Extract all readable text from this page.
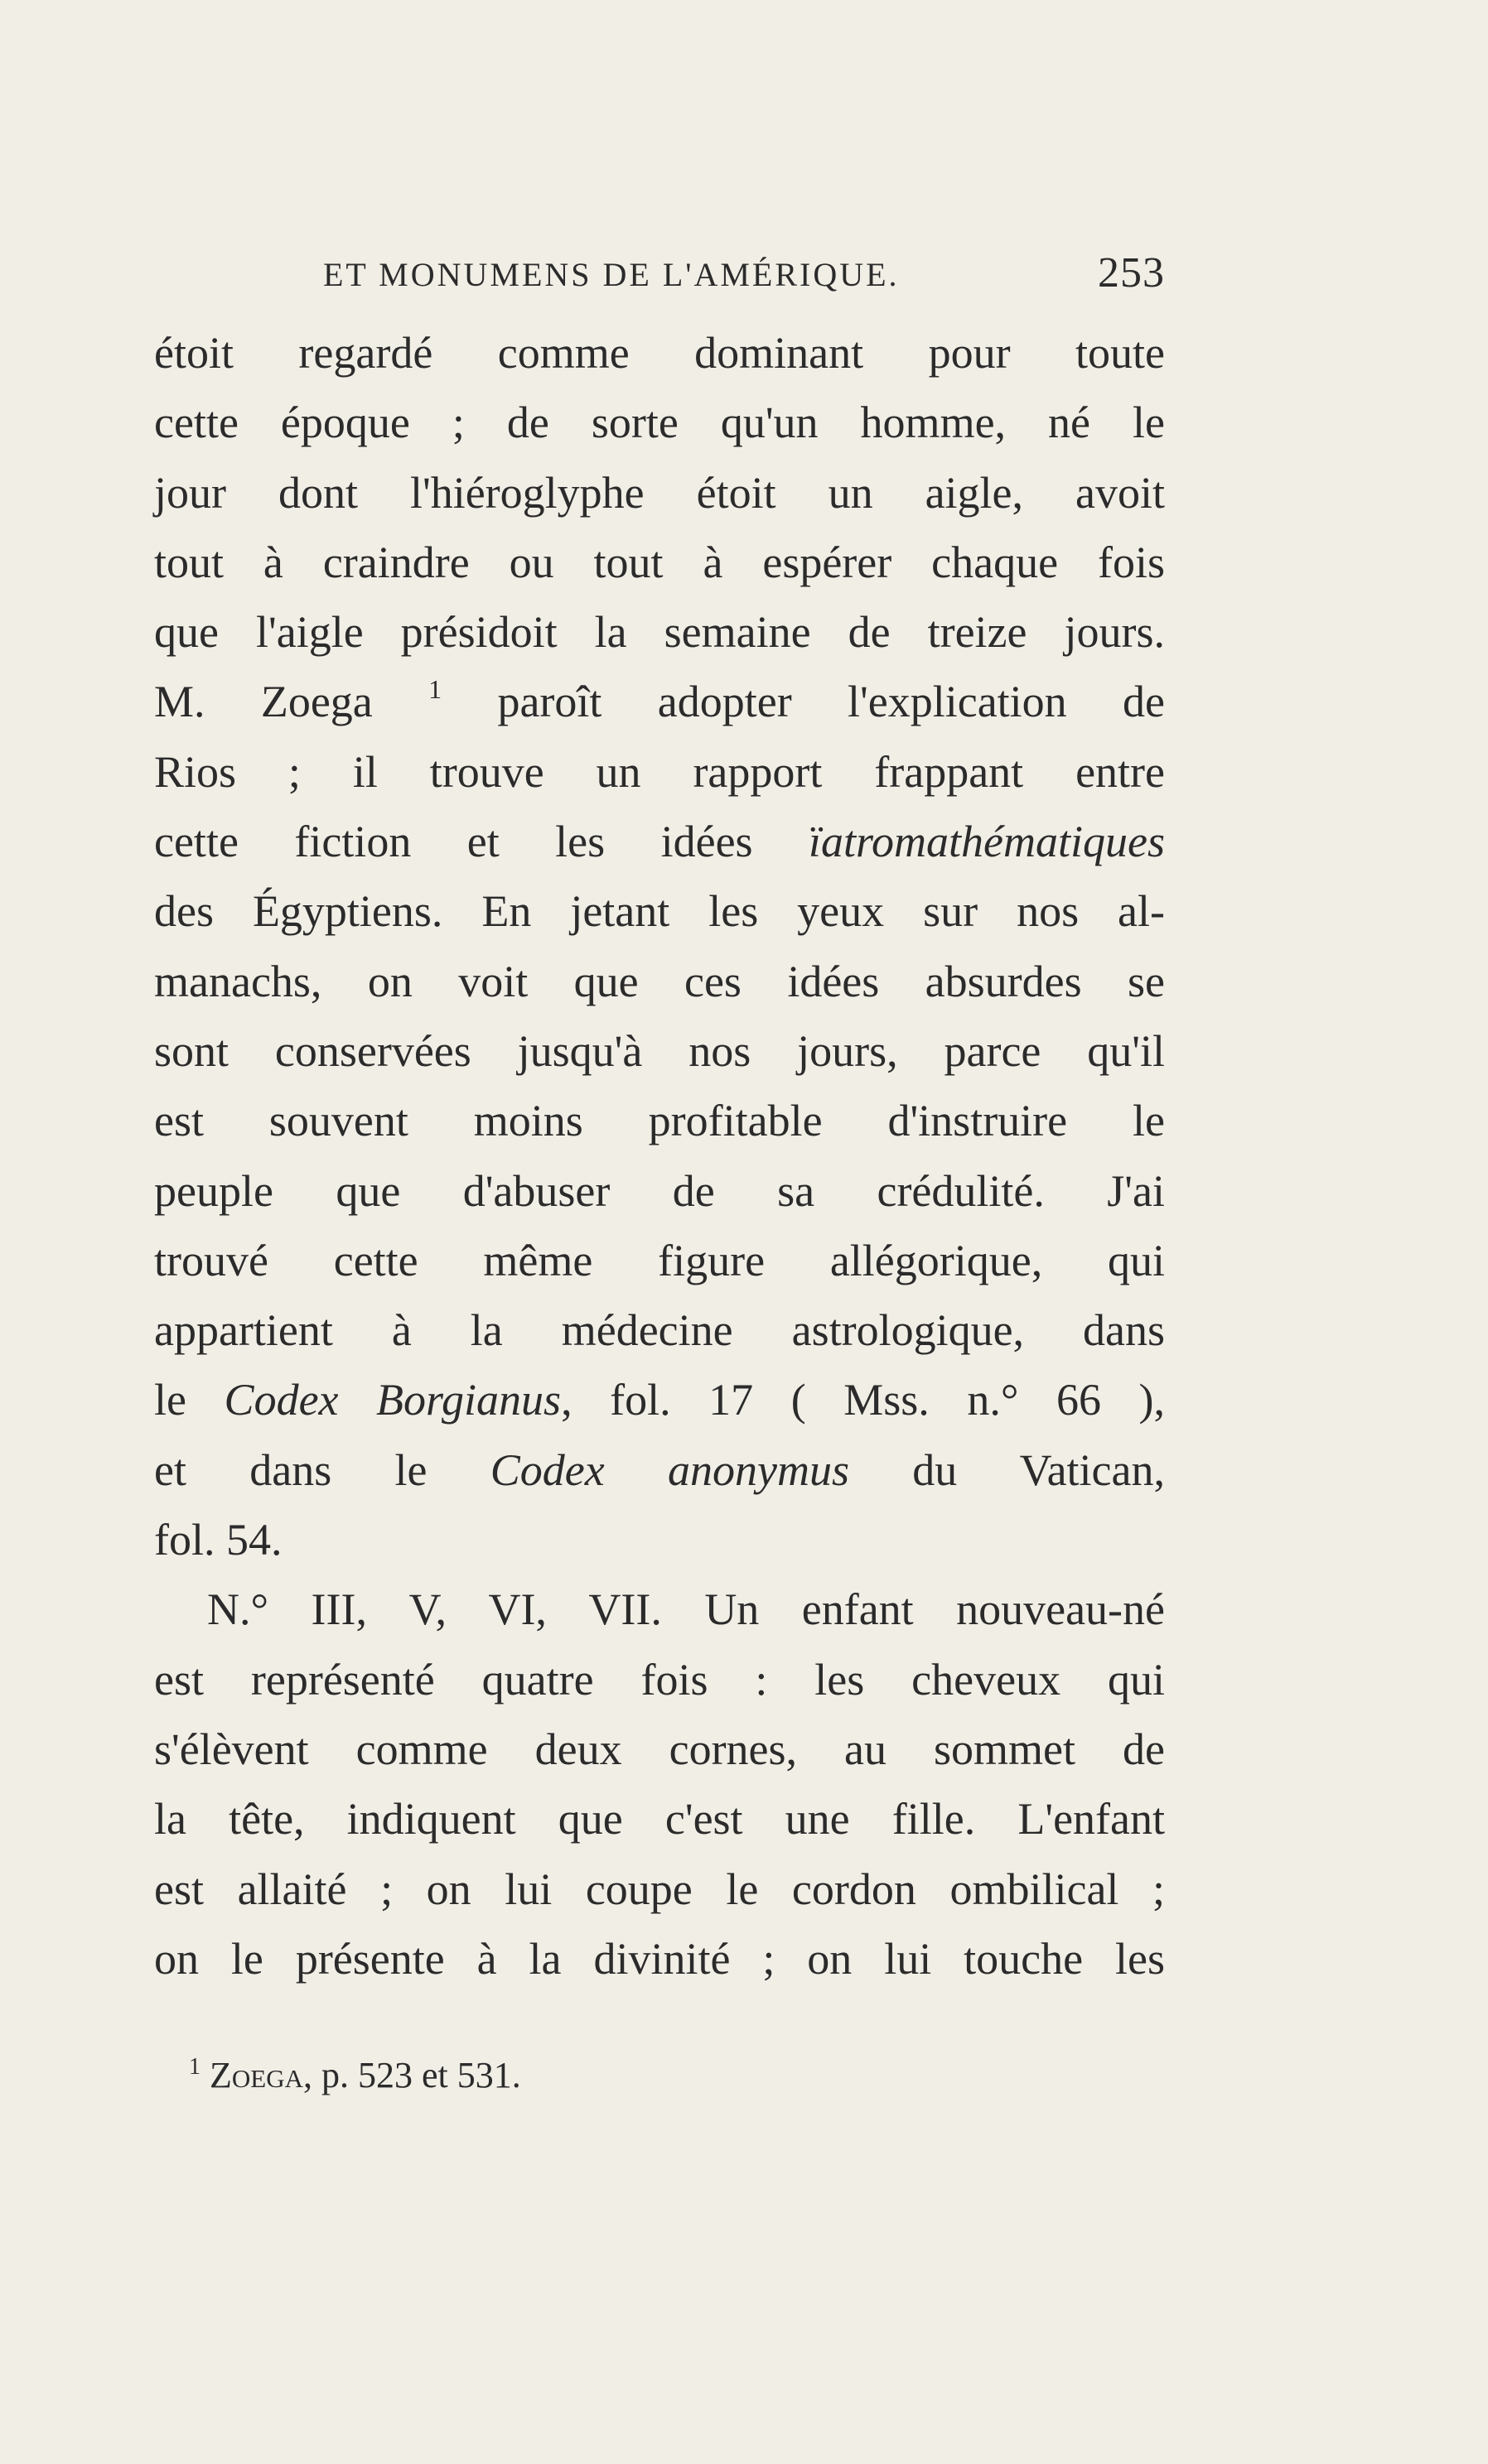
ET MONUMENS DE L'AMÉRIQUE.	253
étoit regardé comme dominant pour toute
cette époque ; de sorte qu'un homme, né le
jour dont l'hiéroglyphe étoit un aigle, avoit
tout à craindre ou tout à espérer chaque fois
que l'aigle présidoit la semaine de treize jours.
M. Zoega $^1$ paroît adopter l'explication de
Rios ; il trouve un rapport frappant entre
cette fiction et les idées ïatromathématiques
des Égyptiens. En jetant les yeux sur nos al-
manachs, on voit que ces idées absurdes se
sont conservées jusqu'à nos jours, parce qu'il
est souvent moins profitable d'instruire le
peuple que d'abuser de sa crédulité. J'ai
trouvé cette même figure allégorique, qui
appartient à la médecine astrologique, dans
le Codex Borgianus, fol. 17 ( Mss. n.° 66 ),
et dans le Codex anonymus du Vatican,
fol. 54.
N.° III, V, VI, VII. Un enfant nouveau-né
est représenté quatre fois : les cheveux qui
s'élèvent comme deux cornes, au sommet de
la tête, indiquent que c'est une fille. L'enfant
est allaité ; on lui coupe le cordon ombilical ;
on le présente à la divinité ; on lui touche les
$^1$ Zoega, p. 523 et 531.
